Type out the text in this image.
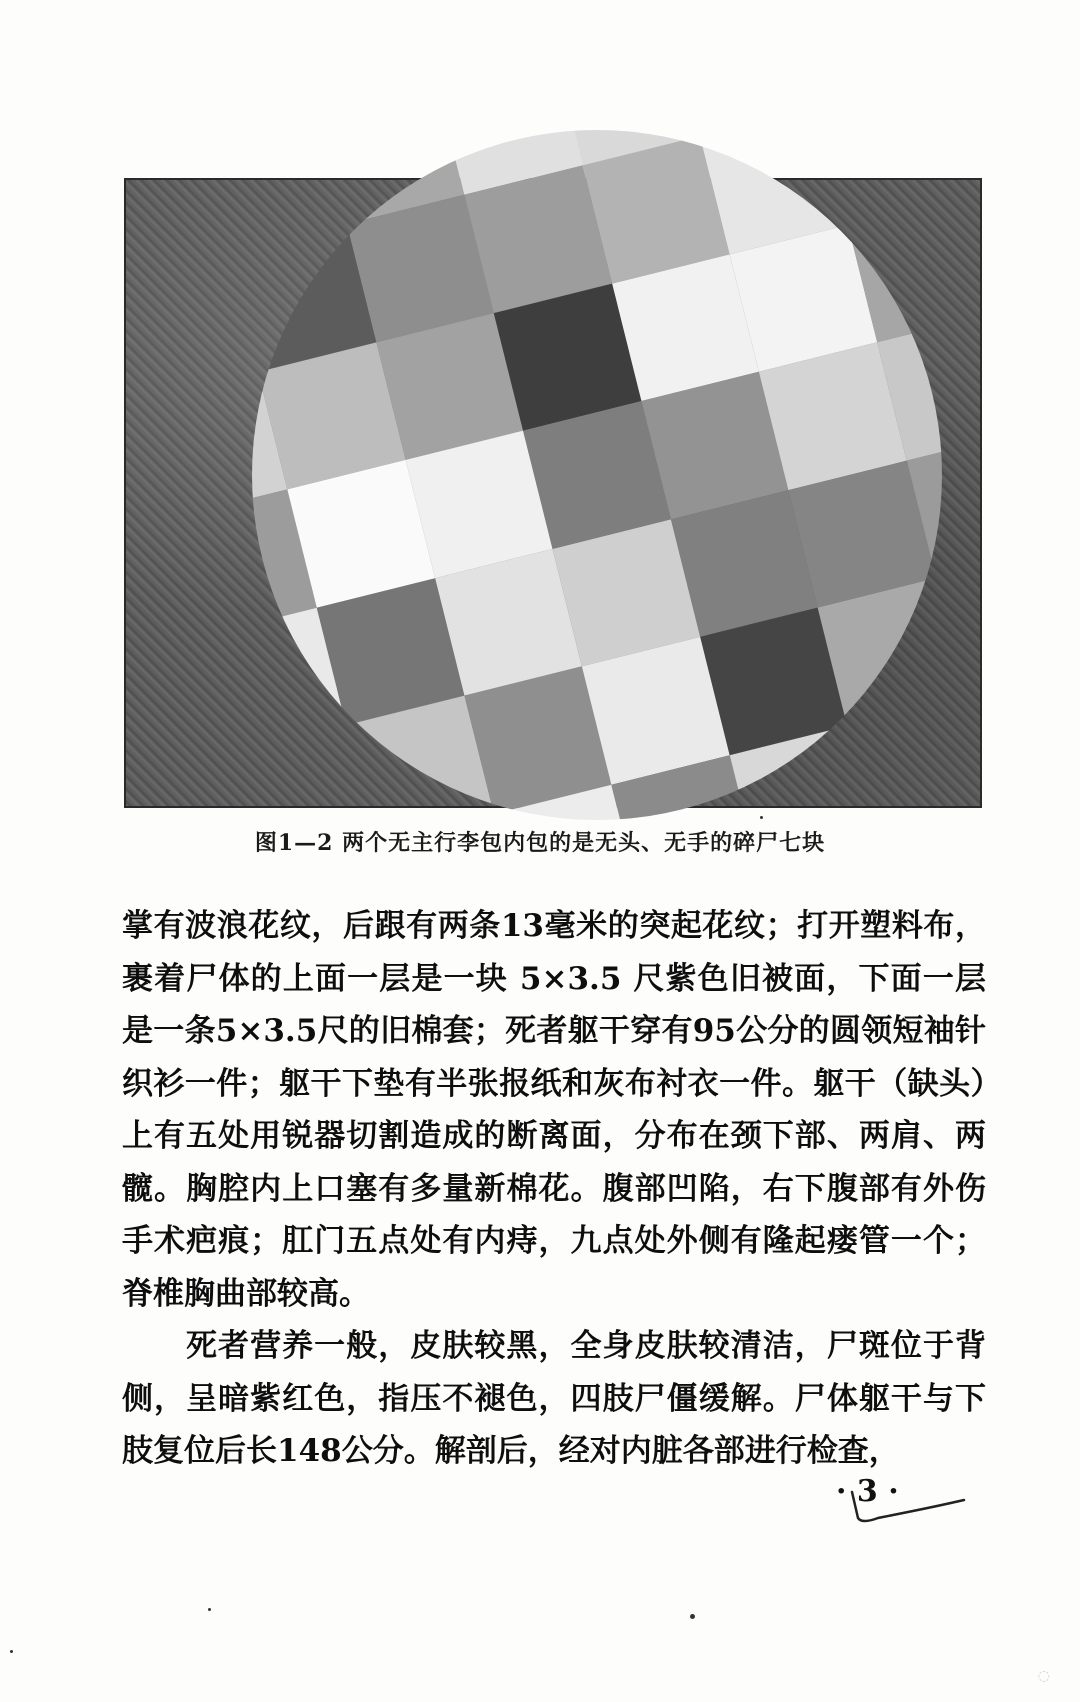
图1—2 两个无主行李包内包的是无头、无手的碎尸七块

掌有波浪花纹，后跟有两条13毫米的突起花纹；打开塑料布，裹着尸体的上面一层是一块 5×3.5 尺紫色旧被面，下面一层是一条5×3.5尺的旧棉套；死者躯干穿有95公分的圆领短袖针织衫一件；躯干下垫有半张报纸和灰布衬衣一件。躯干（缺头）上有五处用锐器切割造成的断离面，分布在颈下部、两肩、两髋。胸腔内上口塞有多量新棉花。腹部凹陷，右下腹部有外伤手术疤痕；肛门五点处有内痔，九点处外侧有隆起瘘管一个；脊椎胸曲部较高。

死者营养一般，皮肤较黑，全身皮肤较清洁，尸斑位于背侧，呈暗紫红色，指压不褪色，四肢尸僵缓解。尸体躯干与下肢复位后长148公分。解剖后，经对内脏各部进行检查，

· 3 ·
◌
